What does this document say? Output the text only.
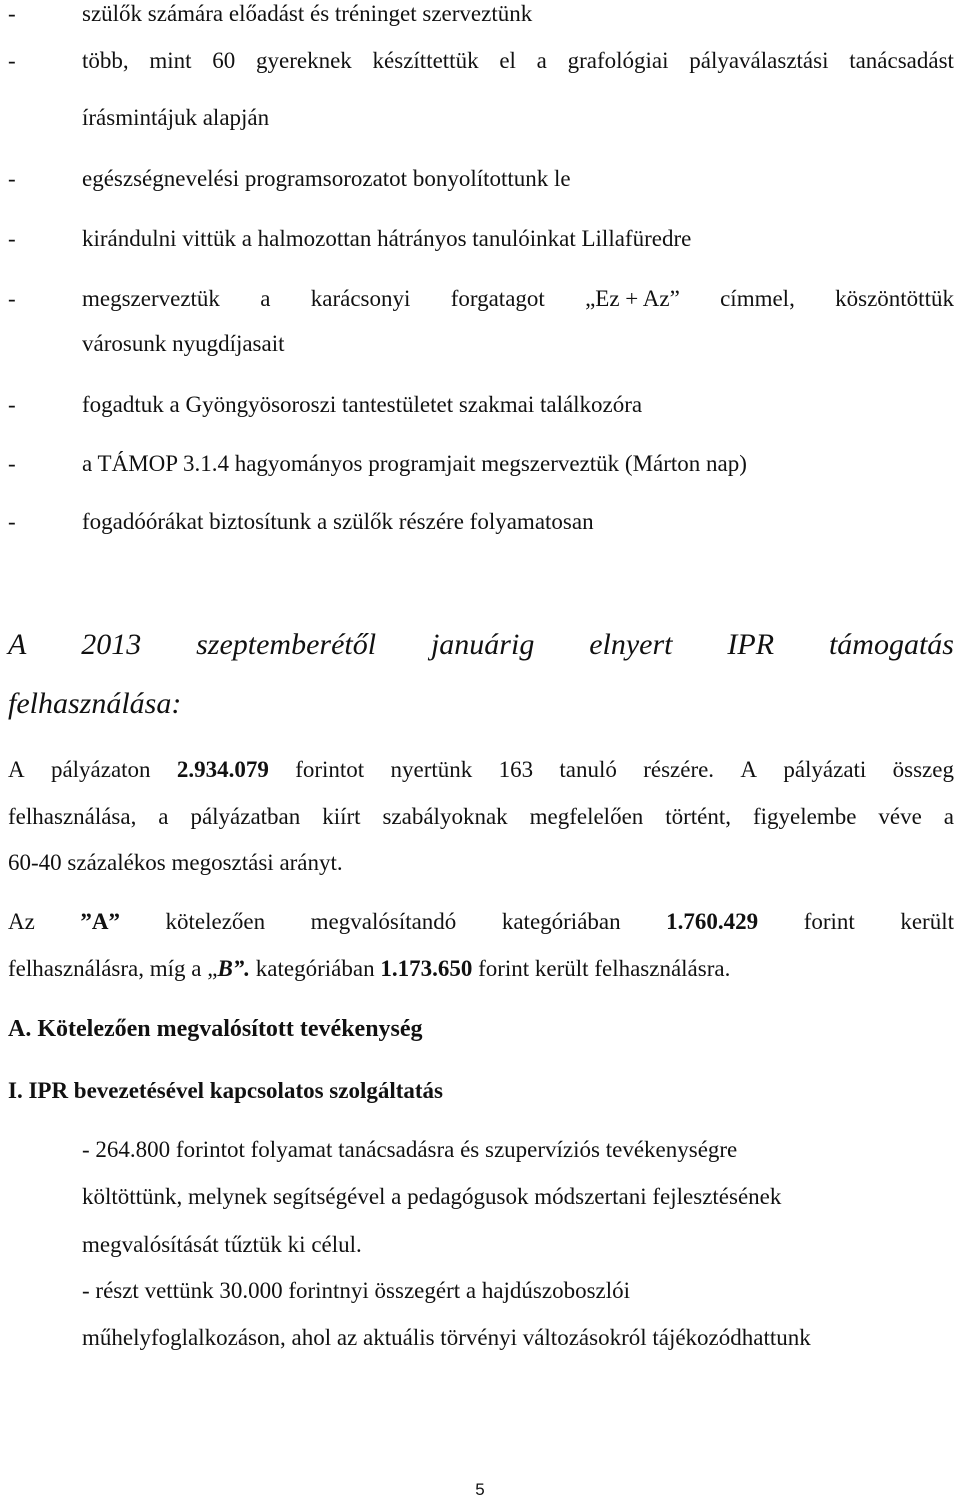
-	szülők számára előadást és tréninget szerveztünk
-	több, mint 60 gyereknek készíttettük el a grafológiai pályaválasztási tanácsadást
írásmintájuk alapján
-	egészségnevelési programsorozatot bonyolítottunk le
-	kirándulni vittük a halmozottan hátrányos tanulóinkat Lillafüredre
-	megszerveztük a karácsonyi forgatagot „Ez + Az” címmel, köszöntöttük
városunk nyugdíjasait
-	fogadtuk a Gyöngyösoroszi tantestületet szakmai találkozóra
-	a TÁMOP 3.1.4 hagyományos programjait megszerveztük (Márton nap)
-	fogadóórákat biztosítunk a szülők részére folyamatosan
A 2013 szeptemberétől januárig elnyert IPR támogatás
felhasználása:
A pályázaton 2.934.079 forintot nyertünk 163 tanuló részére. A pályázati összeg
felhasználása, a pályázatban kiírt szabályoknak megfelelően történt, figyelembe véve a
60-40 százalékos megosztási arányt.
Az ”A” kötelezően megvalósítandó kategóriában 1.760.429 forint került
felhasználásra, míg a „B”. kategóriában 1.173.650 forint került felhasználásra.
A. Kötelezően megvalósított tevékenység
I. IPR bevezetésével kapcsolatos szolgáltatás
- 264.800 forintot folyamat tanácsadásra és szupervíziós tevékenységre
költöttünk, melynek segítségével a pedagógusok módszertani fejlesztésének
megvalósítását tűztük ki célul.
- részt vettünk 30.000 forintnyi összegért a hajdúszoboszlói
műhelyfoglalkozáson, ahol az aktuális törvényi változásokról tájékozódhattunk
5
